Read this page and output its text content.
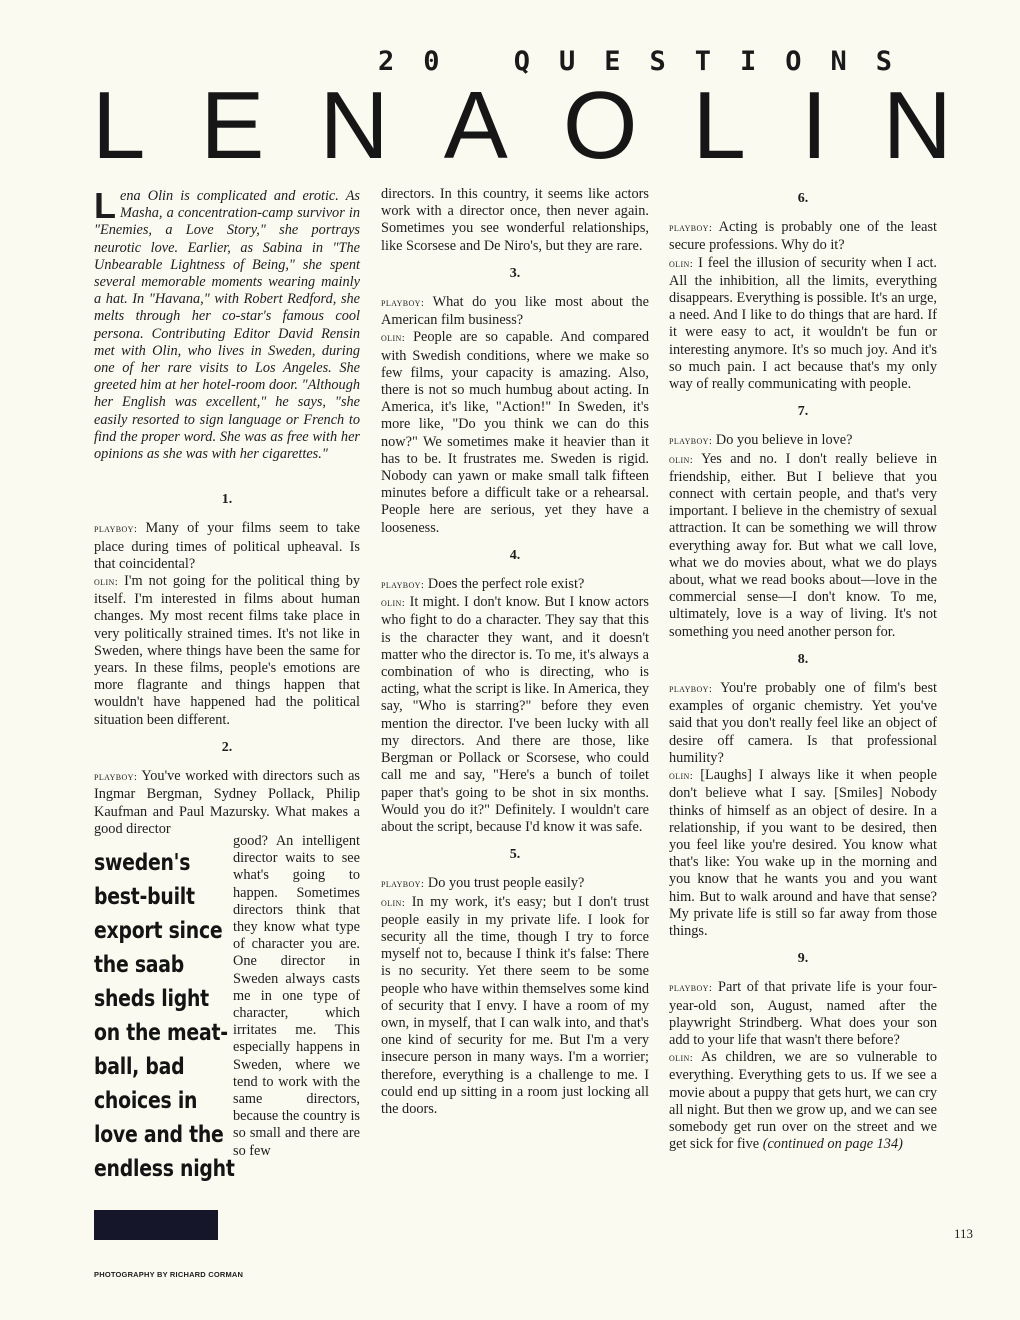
20 QUESTIONS
L E N A O L I N

Lena Olin is complicated and erotic. As Masha, a concentration-camp survivor in "Enemies, a Love Story," she portrays neurotic love. Earlier, as Sabina in "The Unbearable Lightness of Being," she spent several memorable moments wearing mainly a hat. In "Havana," with Robert Redford, she melts through her co-star's famous cool persona. Contributing Editor David Rensin met with Olin, who lives in Sweden, during one of her rare visits to Los Angeles. She greeted him at her hotel-room door. "Although her English was excellent," he says, "she easily resorted to sign language or French to find the proper word. She was as free with her opinions as she was with her cigarettes."

1.

playboy: Many of your films seem to take place during times of political upheaval. Is that coincidental?

olin: I'm not going for the political thing by itself. I'm interested in films about human changes. My most recent films take place in very politically strained times. It's not like in Sweden, where things have been the same for years. In these films, people's emotions are more flagrante and things happen that wouldn't have happened had the political situation been different.

2.

playboy: You've worked with directors such as Ingmar Bergman, Sydney Pollack, Philip Kaufman and Paul Mazursky. What makes a good director

good? An intelligent director waits to see what's going to happen. Sometimes directors think that they know what type of character you are. One director in Sweden always casts me in one type of character, which irritates me. This especially happens in Sweden, where we tend to work with the same directors, because the country is so small and there are so few
sweden's
best-built
export since
the saab
sheds light
on the meat-
ball, bad
choices in
love and the
endless night

directors. In this country, it seems like actors work with a director once, then never again. Sometimes you see wonderful relationships, like Scorsese and De Niro's, but they are rare.

3.

playboy: What do you like most about the American film business?

olin: People are so capable. And compared with Swedish conditions, where we make so few films, your capacity is amazing. Also, there is not so much humbug about acting. In America, it's like, "Action!" In Sweden, it's more like, "Do you think we can do this now?" We sometimes make it heavier than it has to be. It frustrates me. Sweden is rigid. Nobody can yawn or make small talk fifteen minutes before a difficult take or a rehearsal. People here are serious, yet they have a looseness.

4.

playboy: Does the perfect role exist?

olin: It might. I don't know. But I know actors who fight to do a character. They say that this is the character they want, and it doesn't matter who the director is. To me, it's always a combination of who is directing, who is acting, what the script is like. In America, they say, "Who is starring?" before they even mention the director. I've been lucky with all my directors. And there are those, like Bergman or Pollack or Scorsese, who could call me and say, "Here's a bunch of toilet paper that's going to be shot in six months. Would you do it?" Definitely. I wouldn't care about the script, because I'd know it was safe.

5.

playboy: Do you trust people easily?

olin: In my work, it's easy; but I don't trust people easily in my private life. I look for security all the time, though I try to force myself not to, because I think it's false: There is no security. Yet there seem to be some people who have within themselves some kind of security that I envy. I have a room of my own, in myself, that I can walk into, and that's one kind of security for me. But I'm a very insecure person in many ways. I'm a worrier; therefore, everything is a challenge to me. I could end up sitting in a room just locking all the doors.

6.

playboy: Acting is probably one of the least secure professions. Why do it?

olin: I feel the illusion of security when I act. All the inhibition, all the limits, everything disappears. Everything is possible. It's an urge, a need. And I like to do things that are hard. If it were easy to act, it wouldn't be fun or interesting anymore. It's so much joy. And it's so much pain. I act because that's my only way of really communicating with people.

7.

playboy: Do you believe in love?

olin: Yes and no. I don't really believe in friendship, either. But I believe that you connect with certain people, and that's very important. I believe in the chemistry of sexual attraction. It can be something we will throw everything away for. But what we call love, what we do movies about, what we do plays about, what we read books about—love in the commercial sense—I don't know. To me, ultimately, love is a way of living. It's not something you need another person for.

8.

playboy: You're probably one of film's best examples of organic chemistry. Yet you've said that you don't really feel like an object of desire off camera. Is that professional humility?

olin: [Laughs] I always like it when people don't believe what I say. [Smiles] Nobody thinks of himself as an object of desire. In a relationship, if you want to be desired, then you feel like you're desired. You know what that's like: You wake up in the morning and you know that he wants you and you want him. But to walk around and have that sense? My private life is still so far away from those things.

9.

playboy: Part of that private life is your four-year-old son, August, named after the playwright Strindberg. What does your son add to your life that wasn't there before?

olin: As children, we are so vulnerable to everything. Everything gets to us. If we see a movie about a puppy that gets hurt, we can cry all night. But then we grow up, and we can see somebody get run over on the street and we get sick for five (continued on page 134)

113
PHOTOGRAPHY BY RICHARD CORMAN
